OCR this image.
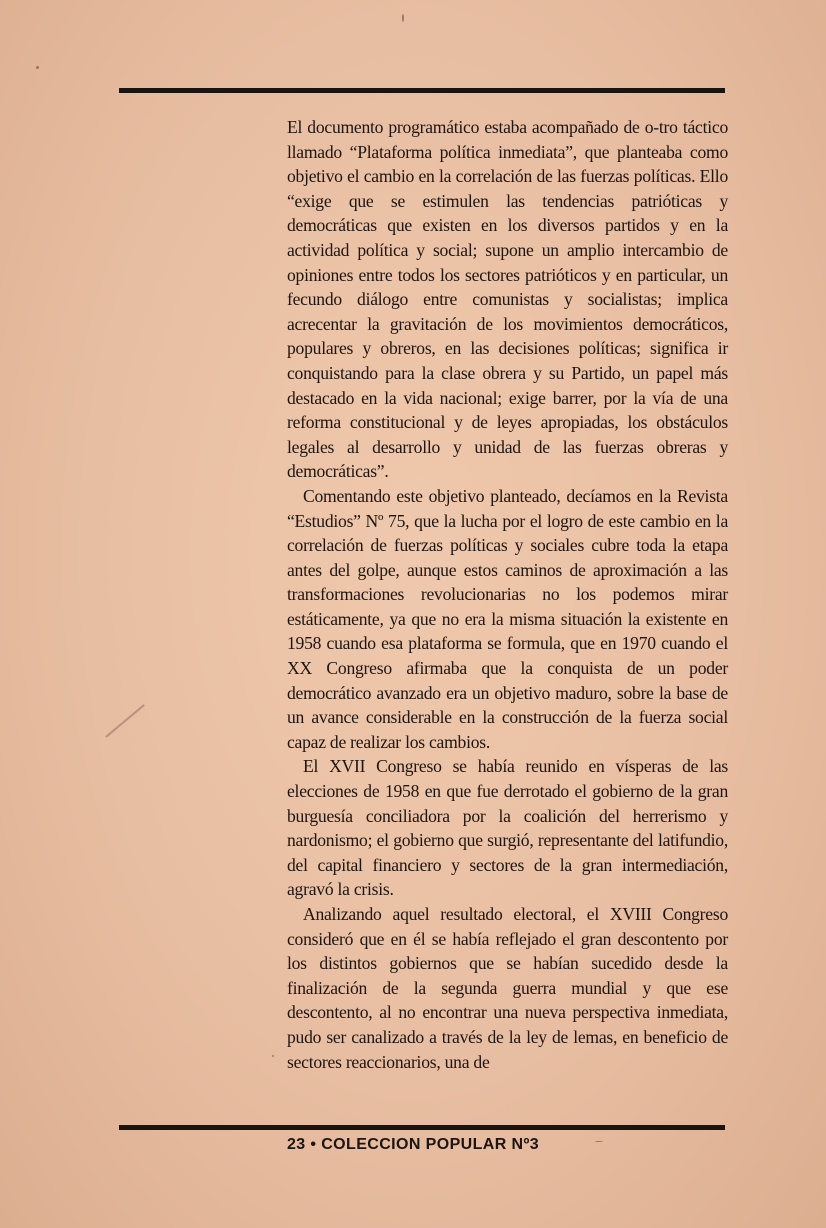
El documento programático estaba acompañado de o-tro táctico llamado “Plataforma política inmediata”, que planteaba como objetivo el cambio en la correlación de las fuerzas políticas. Ello “exige que se estimulen las tendencias patrióticas y democráticas que existen en los diversos partidos y en la actividad política y social; supone un amplio intercambio de opiniones entre todos los sectores patrióticos y en particular, un fecundo diálogo entre comunistas y socialistas; implica acrecentar la gravitación de los movimientos democráticos, populares y obreros, en las decisiones políticas; significa ir conquistando para la clase obrera y su Partido, un papel más destacado en la vida nacional; exige barrer, por la vía de una reforma constitucional y de leyes apropiadas, los obstáculos legales al desarrollo y unidad de las fuerzas obreras y democráticas”.

Comentando este objetivo planteado, decíamos en la Revista “Estudios” Nº 75, que la lucha por el logro de este cambio en la correlación de fuerzas políticas y sociales cubre toda la etapa antes del golpe, aunque estos caminos de aproximación a las transformaciones revolucionarias no los podemos mirar estáticamente, ya que no era la misma situación la existente en 1958 cuando esa plataforma se formula, que en 1970 cuando el XX Congreso afirmaba que la conquista de un poder democrático avanzado era un objetivo maduro, sobre la base de un avance considerable en la construcción de la fuerza social capaz de realizar los cambios.

El XVII Congreso se había reunido en vísperas de las elecciones de 1958 en que fue derrotado el gobierno de la gran burguesía conciliadora por la coalición del herrerismo y nardonismo; el gobierno que surgió, representante del latifundio, del capital financiero y sectores de la gran intermediación, agravó la crisis.

Analizando aquel resultado electoral, el XVIII Congreso consideró que en él se había reflejado el gran descontento por los distintos gobiernos que se habían sucedido desde la finalización de la segunda guerra mundial y que ese descontento, al no encontrar una nueva perspectiva inmediata, pudo ser canalizado a través de la ley de lemas, en beneficio de sectores reaccionarios, una de

23 • COLECCION POPULAR Nº3
